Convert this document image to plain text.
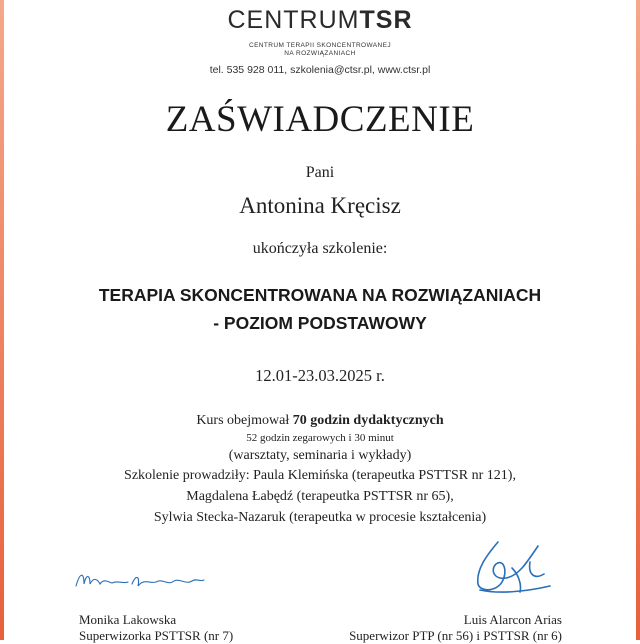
CENTRUMTSR
CENTRUM TERAPII SKONCENTROWANEJ
NA ROZWIĄZANIACH
tel. 535 928 011, szkolenia@ctsr.pl, www.ctsr.pl
ZAŚWIADCZENIE
Pani
Antonina Kręcisz
ukończyła szkolenie:
TERAPIA SKONCENTROWANA NA ROZWIĄZANIACH
- POZIOM PODSTAWOWY
12.01-23.03.2025 r.
Kurs obejmował 70 godzin dydaktycznych
52 godzin zegarowych i 30 minut
(warsztaty, seminaria i wykłady)
Szkolenie prowadziły: Paula Klemińska (terapeutka PSTTSR nr 121),
Magdalena Łabędź (terapeutka PSTTSR nr 65),
Sylwia Stecka-Nazaruk (terapeutka w procesie kształcenia)
Monika Lakowska
Superwizorka PSTTSR (nr 7)
Luis Alarcon Arias
Superwizor PTP (nr 56) i PSTTSR (nr 6)
